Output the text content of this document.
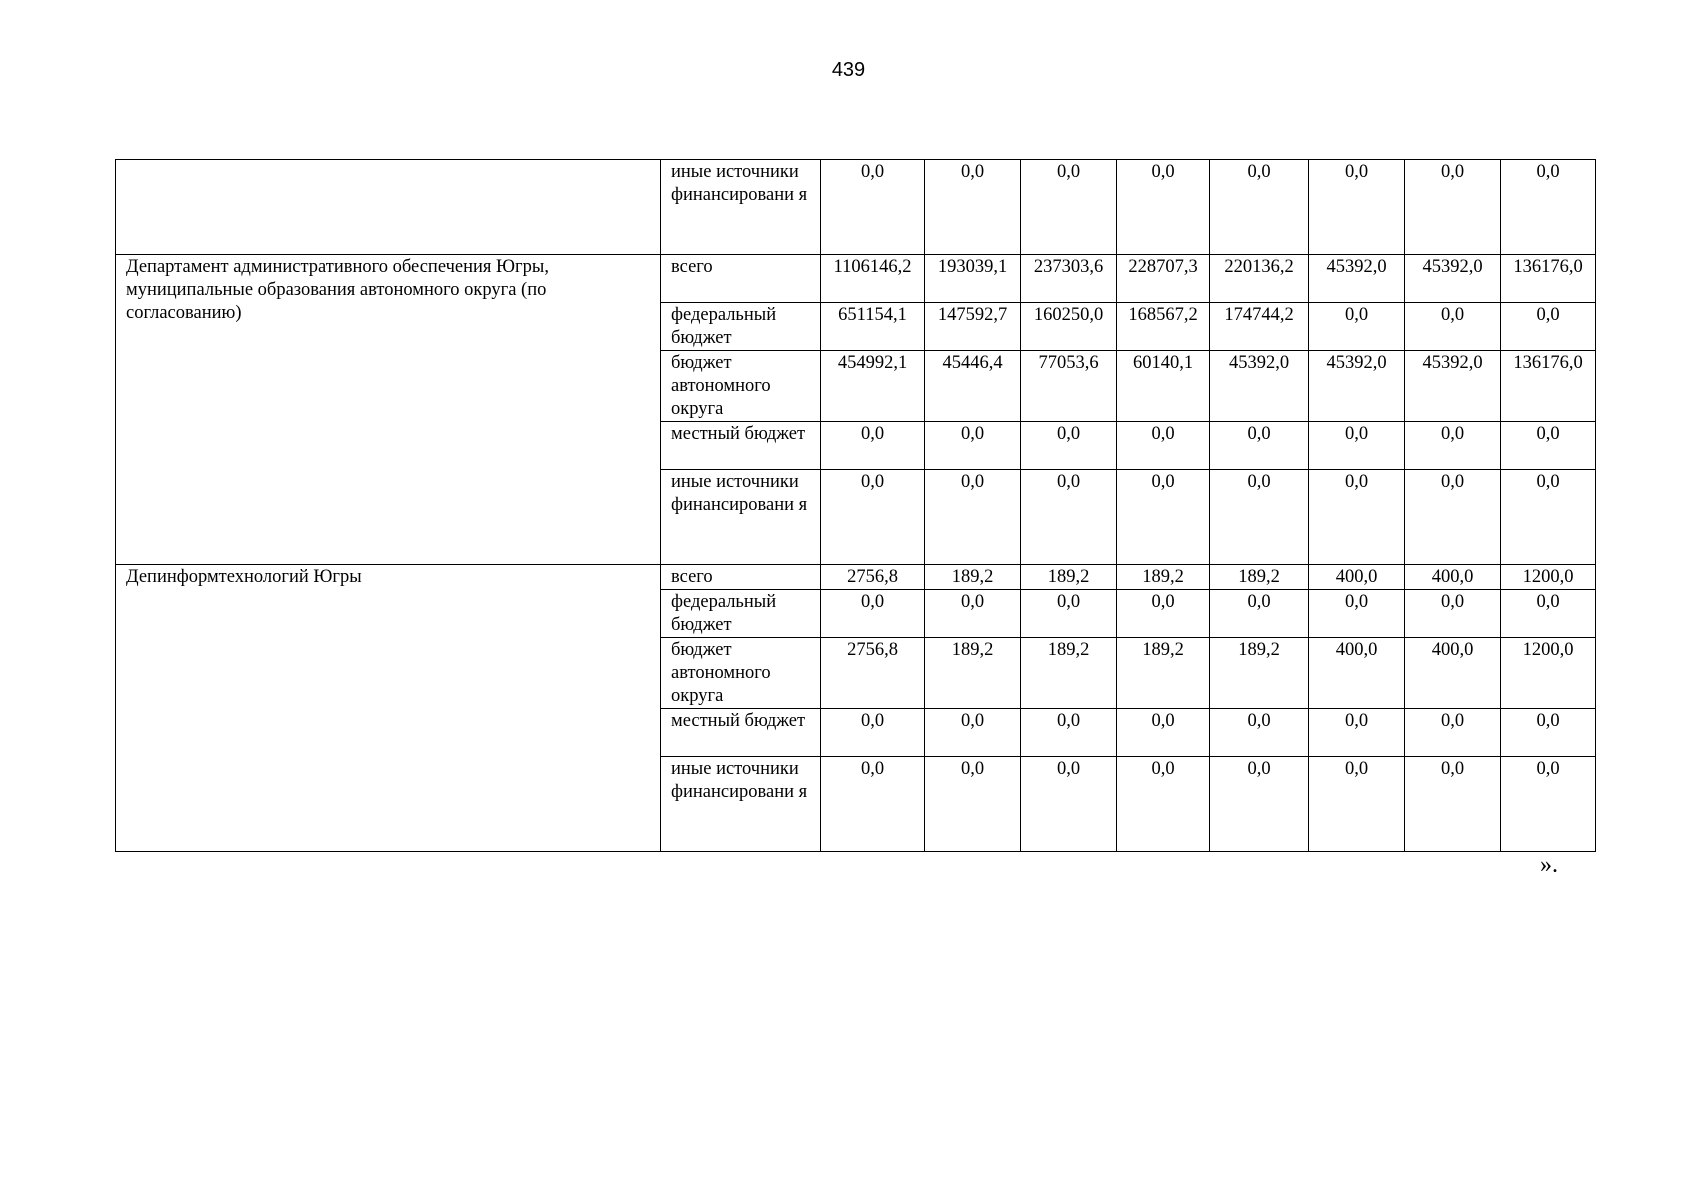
439
	иные источники финансировани я	0,0	0,0	0,0	0,0	0,0	0,0	0,0	0,0
Департамент административного обеспечения Югры, муниципальные образования автономного округа (по согласованию)	всего	1106146,2	193039,1	237303,6	228707,3	220136,2	45392,0	45392,0	136176,0
	федеральный бюджет	651154,1	147592,7	160250,0	168567,2	174744,2	0,0	0,0	0,0
	бюджет автономного округа	454992,1	45446,4	77053,6	60140,1	45392,0	45392,0	45392,0	136176,0
	местный бюджет	0,0	0,0	0,0	0,0	0,0	0,0	0,0	0,0
	иные источники финансировани я	0,0	0,0	0,0	0,0	0,0	0,0	0,0	0,0
Депинформтехнологий Югры	всего	2756,8	189,2	189,2	189,2	189,2	400,0	400,0	1200,0
	федеральный бюджет	0,0	0,0	0,0	0,0	0,0	0,0	0,0	0,0
	бюджет автономного округа	2756,8	189,2	189,2	189,2	189,2	400,0	400,0	1200,0
	местный бюджет	0,0	0,0	0,0	0,0	0,0	0,0	0,0	0,0
	иные источники финансировани я	0,0	0,0	0,0	0,0	0,0	0,0	0,0	0,0
».
